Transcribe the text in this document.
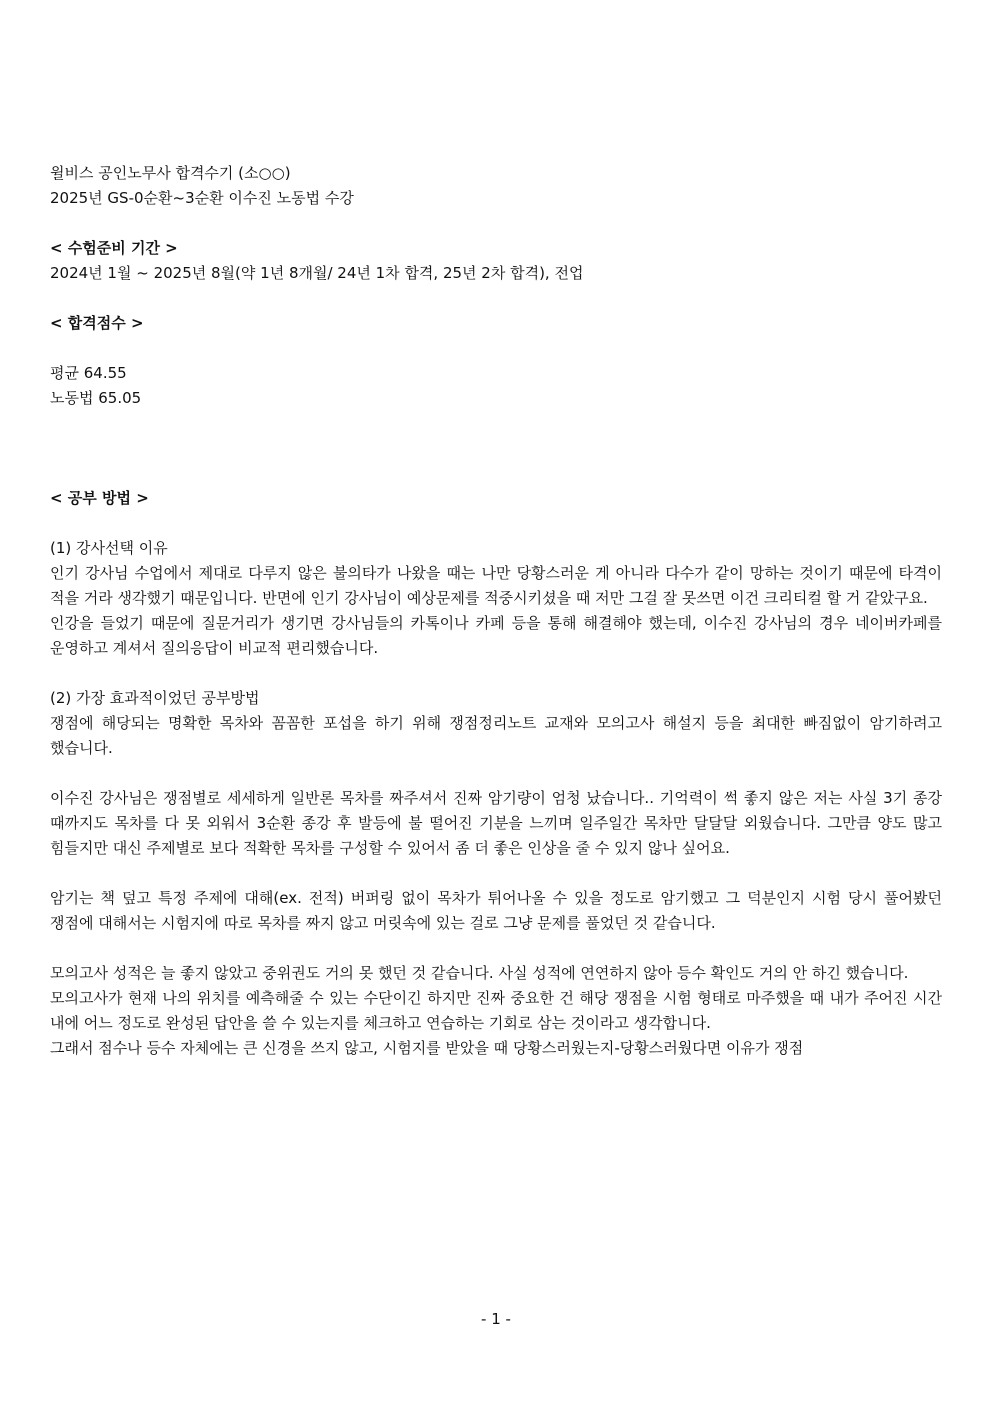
윌비스 공인노무사 합격수기 (소○○)
2025년 GS-0순환~3순환 이수진 노동법 수강
< 수험준비 기간 >
2024년 1월 ~ 2025년 8월(약 1년 8개월/ 24년 1차 합격, 25년 2차 합격), 전업
< 합격점수 >
평균 64.55
노동법 65.05
< 공부 방법 >
(1) 강사선택 이유
인기 강사님 수업에서 제대로 다루지 않은 불의타가 나왔을 때는 나만 당황스러운 게 아니라 다수가 같이 망하는 것이기 때문에 타격이 적을 거라 생각했기 때문입니다. 반면에 인기 강사님이 예상문제를 적중시키셨을 때 저만 그걸 잘 못쓰면 이건 크리티컬 할 거 같았구요.
인강을 들었기 때문에 질문거리가 생기면 강사님들의 카톡이나 카페 등을 통해 해결해야 했는데, 이수진 강사님의 경우 네이버카페를 운영하고 계셔서 질의응답이 비교적 편리했습니다.
(2) 가장 효과적이었던 공부방법
쟁점에 해당되는 명확한 목차와 꼼꼼한 포섭을 하기 위해 쟁점정리노트 교재와 모의고사 해설지 등을 최대한 빠짐없이 암기하려고 했습니다.
이수진 강사님은 쟁점별로 세세하게 일반론 목차를 짜주셔서 진짜 암기량이 엄청 났습니다.. 기억력이 썩 좋지 않은 저는 사실 3기 종강 때까지도 목차를 다 못 외워서 3순환 종강 후 발등에 불 떨어진 기분을 느끼며 일주일간 목차만 달달달 외웠습니다. 그만큼 양도 많고 힘들지만 대신 주제별로 보다 적확한 목차를 구성할 수 있어서 좀 더 좋은 인상을 줄 수 있지 않나 싶어요.
암기는 책 덮고 특정 주제에 대해(ex. 전적) 버퍼링 없이 목차가 튀어나올 수 있을 정도로 암기했고 그 덕분인지 시험 당시 풀어봤던 쟁점에 대해서는 시험지에 따로 목차를 짜지 않고 머릿속에 있는 걸로 그냥 문제를 풀었던 것 같습니다.
모의고사 성적은 늘 좋지 않았고 중위권도 거의 못 했던 것 같습니다. 사실 성적에 연연하지 않아 등수 확인도 거의 안 하긴 했습니다.
모의고사가 현재 나의 위치를 예측해줄 수 있는 수단이긴 하지만 진짜 중요한 건 해당 쟁점을 시험 형태로 마주했을 때 내가 주어진 시간 내에 어느 정도로 완성된 답안을 쓸 수 있는지를 체크하고 연습하는 기회로 삼는 것이라고 생각합니다.
그래서 점수나 등수 자체에는 큰 신경을 쓰지 않고, 시험지를 받았을 때 당황스러웠는지-당황스러웠다면 이유가 쟁점
- 1 -
